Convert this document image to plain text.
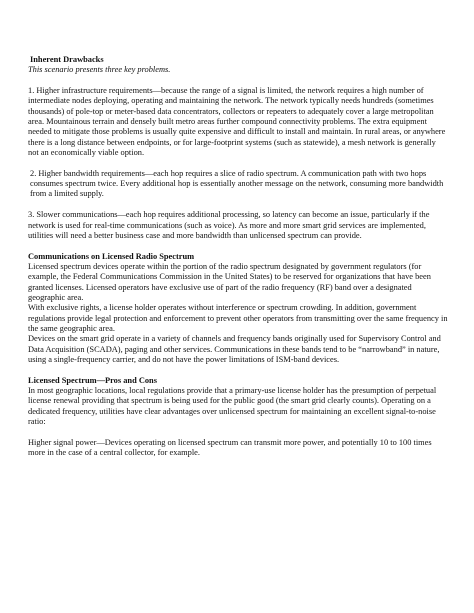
Inherent Drawbacks

This scenario presents three key problems.

1. Higher infrastructure requirements—because the range of a signal is limited, the network requires a high number of intermediate nodes deploying, operating and maintaining the network. The network typically needs hundreds (sometimes thousands) of pole-top or meter-based data concentrators, collectors or repeaters to adequately cover a large metropolitan area. Mountainous terrain and densely built metro areas further compound connectivity problems. The extra equipment needed to mitigate those problems is usually quite expensive and difficult to install and maintain. In rural areas, or anywhere there is a long distance between endpoints, or for large-footprint systems (such as statewide), a mesh network is generally not an economically viable option.

2. Higher bandwidth requirements—each hop requires a slice of radio spectrum. A communication path with two hops consumes spectrum twice. Every additional hop is essentially another message on the network, consuming more bandwidth from a limited supply.

3. Slower communications—each hop requires additional processing, so latency can become an issue, particularly if the network is used for real-time communications (such as voice). As more and more smart grid services are implemented, utilities will need a better business case and more bandwidth than unlicensed spectrum can provide.

Communications on Licensed Radio Spectrum

Licensed spectrum devices operate within the portion of the radio spectrum designated by government regulators (for example, the Federal Communications Commission in the United States) to be reserved for organizations that have been granted licenses. Licensed operators have exclusive use of part of the radio frequency (RF) band over a designated geographic area.

With exclusive rights, a license holder operates without interference or spectrum crowding. In addition, government regulations provide legal protection and enforcement to prevent other operators from transmitting over the same frequency in the same geographic area.

Devices on the smart grid operate in a variety of channels and frequency bands originally used for Supervisory Control and Data Acquisition (SCADA), paging and other services. Communications in these bands tend to be “narrowband” in nature, using a single-frequency carrier, and do not have the power limitations of ISM-band devices.

Licensed Spectrum—Pros and Cons

In most geographic locations, local regulations provide that a primary-use license holder has the presumption of perpetual license renewal providing that spectrum is being used for the public good (the smart grid clearly counts). Operating on a dedicated frequency, utilities have clear advantages over unlicensed spectrum for maintaining an excellent signal-to-noise ratio:

Higher signal power—Devices operating on licensed spectrum can transmit more power, and potentially 10 to 100 times more in the case of a central collector, for example.
